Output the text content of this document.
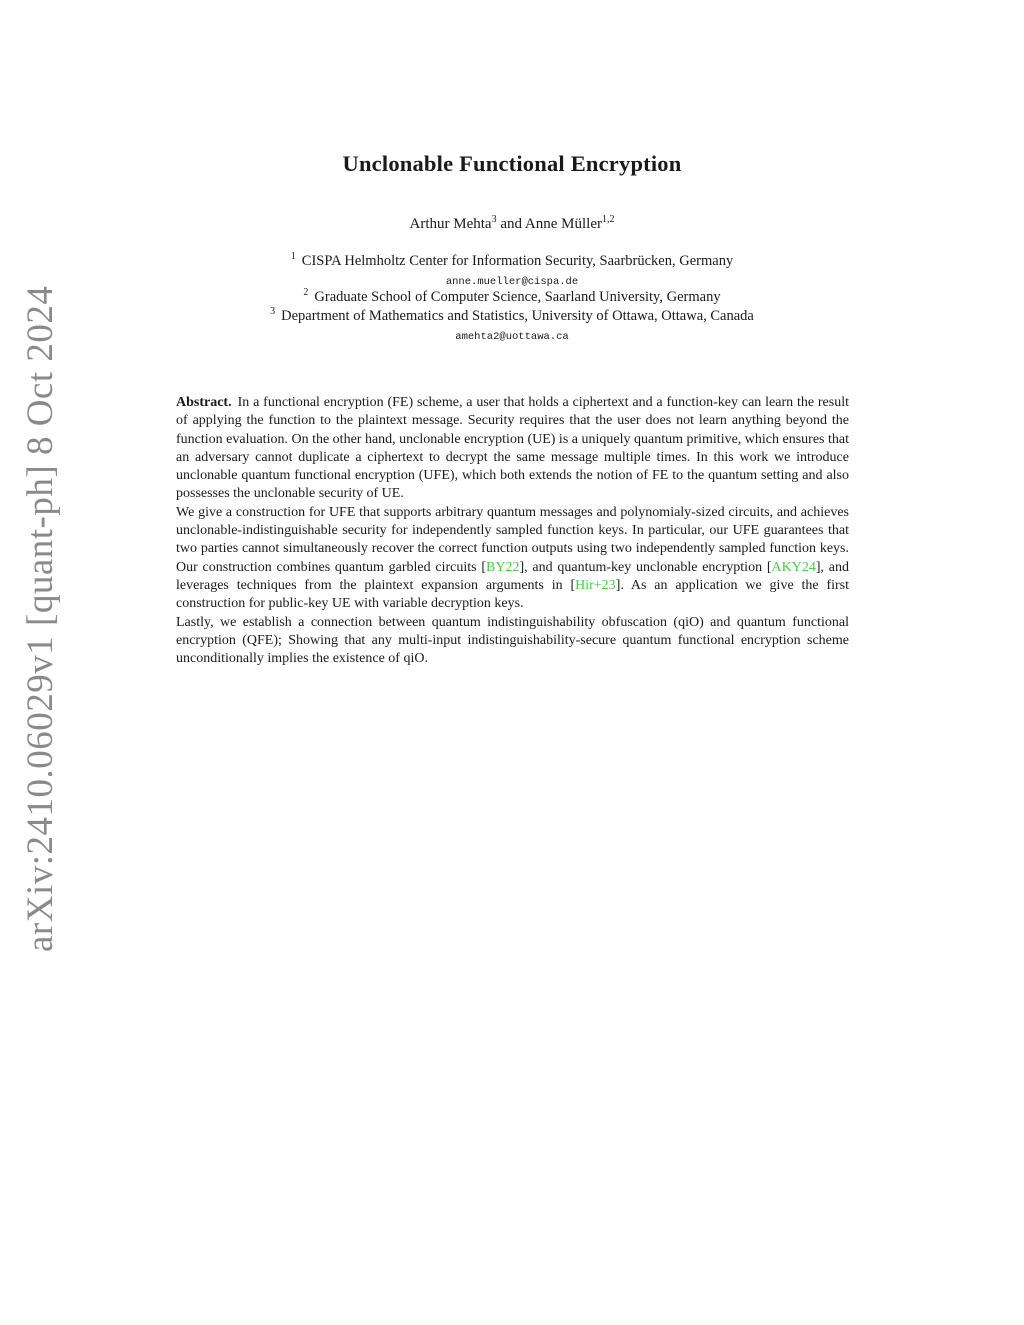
arXiv:2410.06029v1 [quant-ph] 8 Oct 2024
Unclonable Functional Encryption
Arthur Mehta$^3$ and Anne Müller$^{1,2}$
$^1$ CISPA Helmholtz Center for Information Security, Saarbrücken, Germany
anne.mueller@cispa.de
$^2$ Graduate School of Computer Science, Saarland University, Germany
$^3$ Department of Mathematics and Statistics, University of Ottawa, Ottawa, Canada
amehta2@uottawa.ca

Abstract. In a functional encryption (FE) scheme, a user that holds a ciphertext and a function-key can learn the result of applying the function to the plaintext message. Security requires that the user does not learn anything beyond the function evaluation. On the other hand, unclonable encryption (UE) is a uniquely quantum primitive, which ensures that an adversary cannot duplicate a ciphertext to decrypt the same message multiple times. In this work we introduce unclonable quantum functional encryption (UFE), which both extends the notion of FE to the quantum setting and also possesses the unclonable security of UE.

We give a construction for UFE that supports arbitrary quantum messages and polynomialy-sized circuits, and achieves unclonable-indistinguishable security for independently sampled function keys. In particular, our UFE guarantees that two parties cannot simultaneously recover the correct function outputs using two independently sampled function keys. Our construction combines quantum garbled circuits [BY22], and quantum-key unclonable encryption [AKY24], and leverages techniques from the plaintext expansion arguments in [Hir+23]. As an application we give the first construction for public-key UE with variable decryption keys.

Lastly, we establish a connection between quantum indistinguishability obfuscation (qiO) and quantum functional encryption (QFE); Showing that any multi-input indistinguishability-secure quantum functional encryption scheme unconditionally implies the existence of qiO.
